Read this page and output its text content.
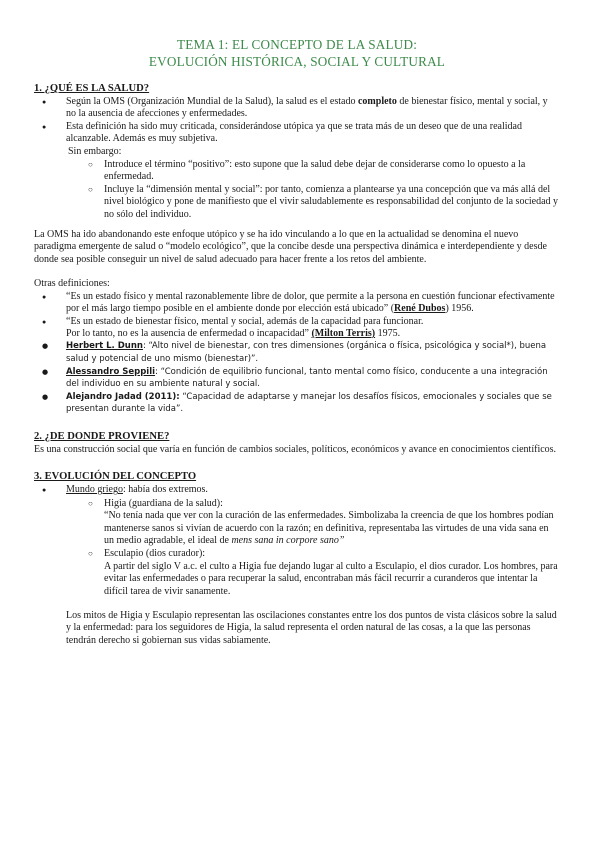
TEMA 1: EL CONCEPTO DE LA SALUD:
EVOLUCIÓN HISTÓRICA, SOCIAL Y CULTURAL
1. ¿QUÉ ES LA SALUD?
● Según la OMS (Organización Mundial de la Salud), la salud es el estado completo de bienestar físico, mental y social, y no la ausencia de afecciones y enfermedades.
● Esta definición ha sido muy criticada, considerándose utópica ya que se trata más de un deseo que de una realidad alcanzable. Además es muy subjetiva.

Sin embargo:

○ Introduce el término “positivo”: esto supone que la salud debe dejar de considerarse como lo opuesto a la enfermedad.
○ Incluye la “dimensión mental y social”: por tanto, comienza a plantearse ya una concepción que va más allá del nivel biológico y pone de manifiesto que el vivir saludablemente es responsabilidad del conjunto de la sociedad y no sólo del individuo.

La OMS ha ido abandonando este enfoque utópico y se ha ido vinculando a lo que en la actualidad se denomina el nuevo paradigma emergente de salud o “modelo ecológico”, que la concibe desde una perspectiva dinámica e interdependiente y desde donde sea posible conseguir un nivel de salud adecuado para hacer frente a los retos del ambiente.

Otras definiciones:

● “Es un estado físico y mental razonablemente libre de dolor, que permite a la persona en cuestión funcionar efectivamente por el más largo tiempo posible en el ambiente donde por elección está ubicado” (René Dubos) 1956.
● “Es un estado de bienestar físico, mental y social, además de la capacidad para funcionar.
Por lo tanto, no es la ausencia de enfermedad o incapacidad” (Milton Terris) 1975.
● Herbert L. Dunn: “Alto nivel de bienestar, con tres dimensiones (orgánica o física, psicológica y social*), buena salud y potencial de uno mismo (bienestar)”.
● Alessandro Seppili: “Condición de equilibrio funcional, tanto mental como físico, conducente a una integración del individuo en su ambiente natural y social.
● Alejandro Jadad (2011): “Capacidad de adaptarse y manejar los desafíos físicos, emocionales y sociales que se presentan durante la vida”.
2. ¿DE DONDE PROVIENE?

Es una construcción social que varía en función de cambios sociales, políticos, económicos y avance en conocimientos científicos.

3. EVOLUCIÓN DEL CONCEPTO
● Mundo griego: había dos extremos.
○ Higia (guardiana de la salud):

“No tenía nada que ver con la curación de las enfermedades. Simbolizaba la creencia de que los hombres podían mantenerse sanos si vivían de acuerdo con la razón; en definitiva, representaba las virtudes de una vida sana en un medio agradable, el ideal de mens sana in corpore sano”

○ Esculapio (dios curador):

A partir del siglo V a.c. el culto a Higia fue dejando lugar al culto a Esculapio, el dios curador. Los hombres, para evitar las enfermedades o para recuperar la salud, encontraban más fácil recurrir a curanderos que intentar la difícil tarea de vivir sanamente.

Los mitos de Higia y Esculapio representan las oscilaciones constantes entre los dos puntos de vista clásicos sobre la salud y la enfermedad: para los seguidores de Higia, la salud representa el orden natural de las cosas, a la que las personas tendrán derecho si gobiernan sus vidas sabiamente.
